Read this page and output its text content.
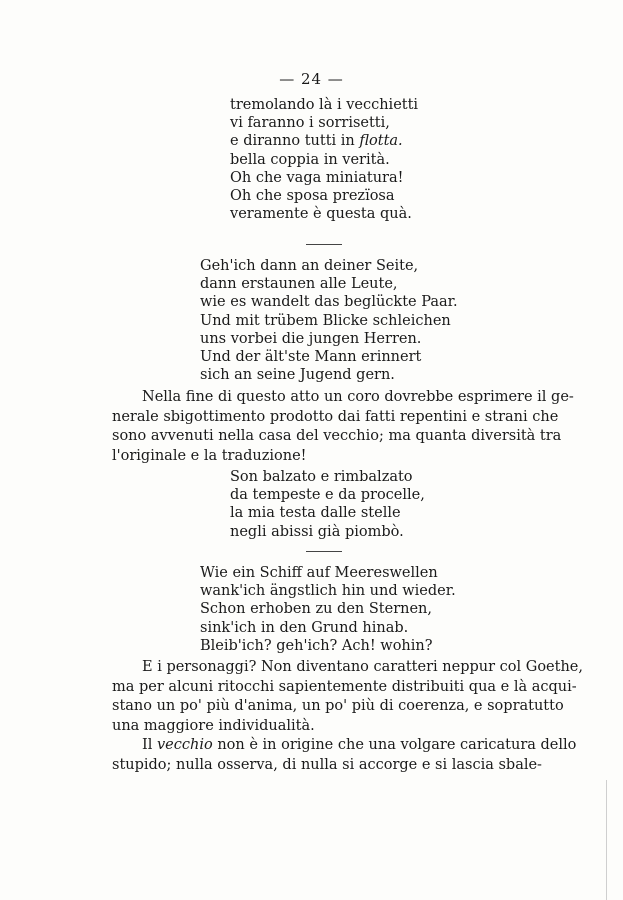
— 24 —
tremolando là i vecchietti
vi faranno i sorrisetti,
e diranno tutti in flotta.
bella coppia in verità.
Oh che vaga miniatura!
Oh che sposa prezïosa
veramente è questa quà.
Geh'ich dann an deiner Seite,
dann erstaunen alle Leute,
wie es wandelt das beglückte Paar.
Und mit trübem Blicke schleichen
uns vorbei die jungen Herren.
Und der ält'ste Mann erinnert
sich an seine Jugend gern.
Nella fine di questo atto un coro dovrebbe esprimere il ge-
nerale sbigottimento prodotto dai fatti repentini e strani che
sono avvenuti nella casa del vecchio; ma quanta diversità tra
l'originale e la traduzione!
Son balzato e rimbalzato
da tempeste e da procelle,
la mia testa dalle stelle
negli abissi già piombò.
Wie ein Schiff auf Meereswellen
wank'ich ängstlich hin und wieder.
Schon erhoben zu den Sternen,
sink'ich in den Grund hinab.
Bleib'ich? geh'ich? Ach! wohin?
E i personaggi? Non diventano caratteri neppur col Goethe,
ma per alcuni ritocchi sapientemente distribuiti qua e là acqui-
stano un po' più d'anima, un po' più di coerenza, e sopratutto
una maggiore individualità.
Il vecchio non è in origine che una volgare caricatura dello
stupido; nulla osserva, di nulla si accorge e si lascia sbale-
